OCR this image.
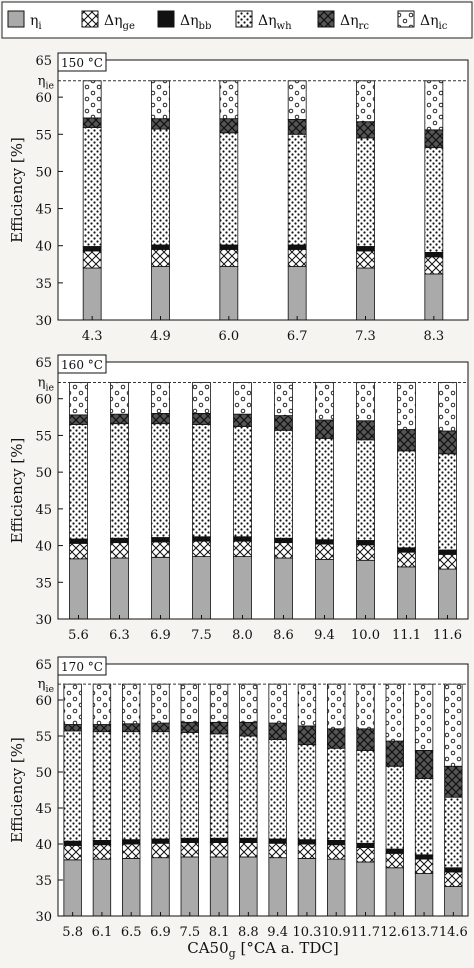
$\eta_i$	$\Delta\eta_{ge}$	$\Delta\eta_{bb}$	$\Delta\eta_{wh}$	$\Delta\eta_{rc}$	$\Delta\eta_{ic}$
30
35
40
45
50
55
60
65
4.3	4.9	6.0	6.7	7.3	8.3
$\eta_{ie}$
150 °C
Efficiency [%]
30
35
40
45
50
55
60
65
5.6 6.3 6.9 7.5 8.0 8.6 9.4 10.0 11.1 11.6
$\eta_{ie}$
160 °C
Efficiency [%]
30
35
40
45
50
55
60
65
5.8 6.1 6.5 6.9 7.5 8.1 8.8 9.4 10.3 10.9 11.7 12.6 13.7 14.6
$\eta_{ie}$
170 °C
Efficiency [%]
$CA50_g$ [°CA a. TDC]
